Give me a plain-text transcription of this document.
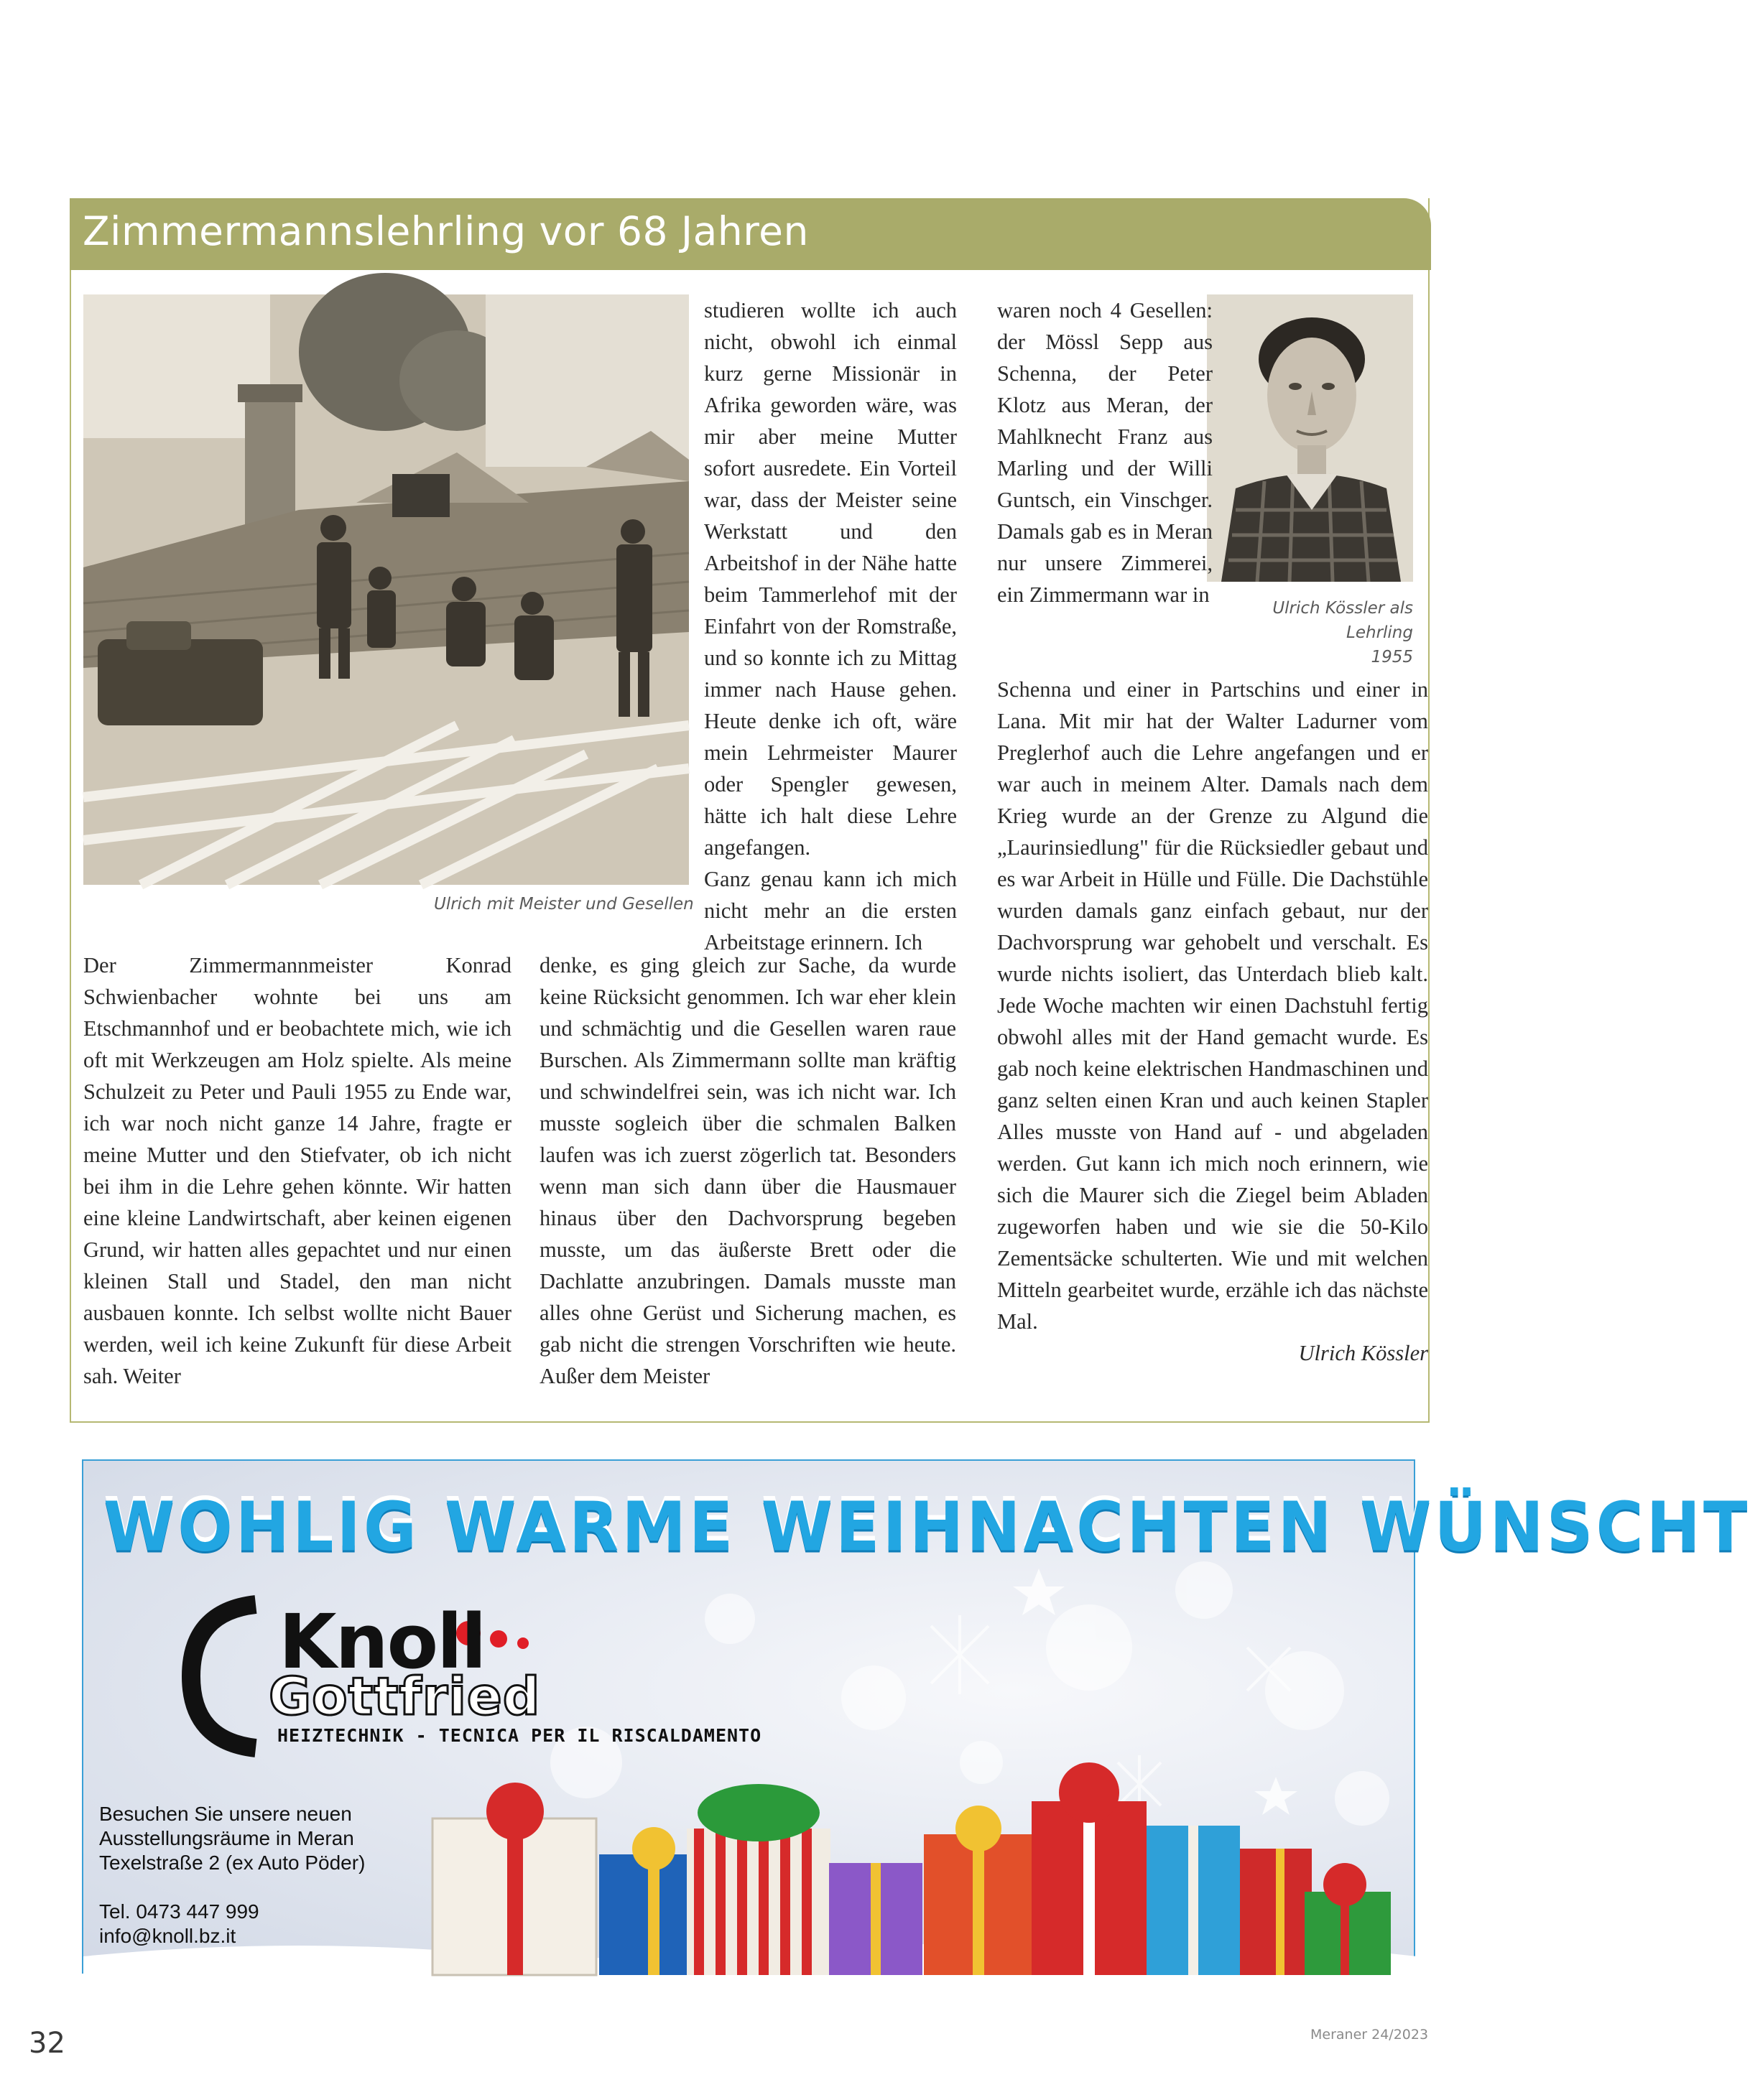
Zimmermannslehrling vor 68 Jahren
Ulrich mit Meister und Gesellen

Der Zimmermannmeister Konrad Schwienbacher wohnte bei uns am Etschmannhof und er beobachtete mich, wie ich oft mit Werkzeugen am Holz spielte. Als meine Schulzeit zu Peter und Pauli 1955 zu Ende war, ich war noch nicht ganze 14 Jahre, fragte er meine Mutter und den Stiefvater, ob ich nicht bei ihm in die Lehre gehen könnte. Wir hatten eine kleine Landwirtschaft, aber keinen eigenen Grund, wir hatten alles gepachtet und nur einen kleinen Stall und Stadel, den man nicht ausbauen konnte. Ich selbst wollte nicht Bauer werden, weil ich keine Zukunft für diese Arbeit sah. Weiter

studieren wollte ich auch nicht, obwohl ich einmal kurz gerne Missionär in Afrika geworden wäre, was mir aber meine Mutter sofort ausredete. Ein Vorteil war, dass der Meister seine Werkstatt und den Arbeitshof in der Nähe hatte beim Tammerlehof mit der Einfahrt von der Romstraße, und so konnte ich zu Mittag immer nach Hause gehen. Heute denke ich oft, wäre mein Lehrmeister Maurer oder Spengler gewesen, hätte ich halt diese Lehre angefangen.

Ganz genau kann ich mich nicht mehr an die ersten Arbeitstage erinnern. Ich

denke, es ging gleich zur Sache, da wurde keine Rücksicht genommen. Ich war eher klein und schmächtig und die Gesellen waren raue Burschen. Als Zimmermann sollte man kräftig und schwindelfrei sein, was ich nicht war. Ich musste sogleich über die schmalen Balken laufen was ich zuerst zögerlich tat. Besonders wenn man sich dann über die Hausmauer hinaus über den Dachvorsprung begeben musste, um das äußerste Brett oder die Dachlatte anzubringen. Damals musste man alles ohne Gerüst und Sicherung machen, es gab nicht die strengen Vorschriften wie heute. Außer dem Meister

waren noch 4 Gesellen: der Mössl Sepp aus Schenna, der Peter Klotz aus Meran, der Mahlknecht Franz aus Marling und der Willi Guntsch, ein Vinschger. Damals gab es in Meran nur unsere Zimmerei, ein Zimmermann war in

Ulrich Kössler als Lehrling
1955

Schenna und einer in Partschins und einer in Lana. Mit mir hat der Walter Ladurner vom Preglerhof auch die Lehre angefangen und er war auch in meinem Alter. Damals nach dem Krieg wurde an der Grenze zu Algund die „Laurinsiedlung" für die Rücksiedler gebaut und es war Arbeit in Hülle und Fülle. Die Dachstühle wurden damals ganz einfach gebaut, nur der Dachvorsprung war gehobelt und verschalt. Es wurde nichts isoliert, das Unterdach blieb kalt. Jede Woche machten wir einen Dachstuhl fertig obwohl alles mit der Hand gemacht wurde. Es gab noch keine elektrischen Handmaschinen und ganz selten einen Kran und auch keinen Stapler Alles musste von Hand auf - und abgeladen werden. Gut kann ich mich noch erinnern, wie sich die Maurer sich die Ziegel beim Abladen zugeworfen haben und wie sie die 50-Kilo Zementsäcke schulterten. Wie und mit welchen Mitteln gearbeitet wurde, erzähle ich das nächste Mal.

Ulrich Kössler

WOHLIG WARME WEIHNACHTEN WÜNSCHT
Knoll
Gottfried
HEIZTECHNIK - TECNICA PER IL RISCALDAMENTO
Besuchen Sie unsere neuen
Ausstellungsräume in Meran
Texelstraße 2 (ex Auto Pöder)
Tel. 0473 447 999
info@knoll.bz.it
32	Meraner 24/2023
